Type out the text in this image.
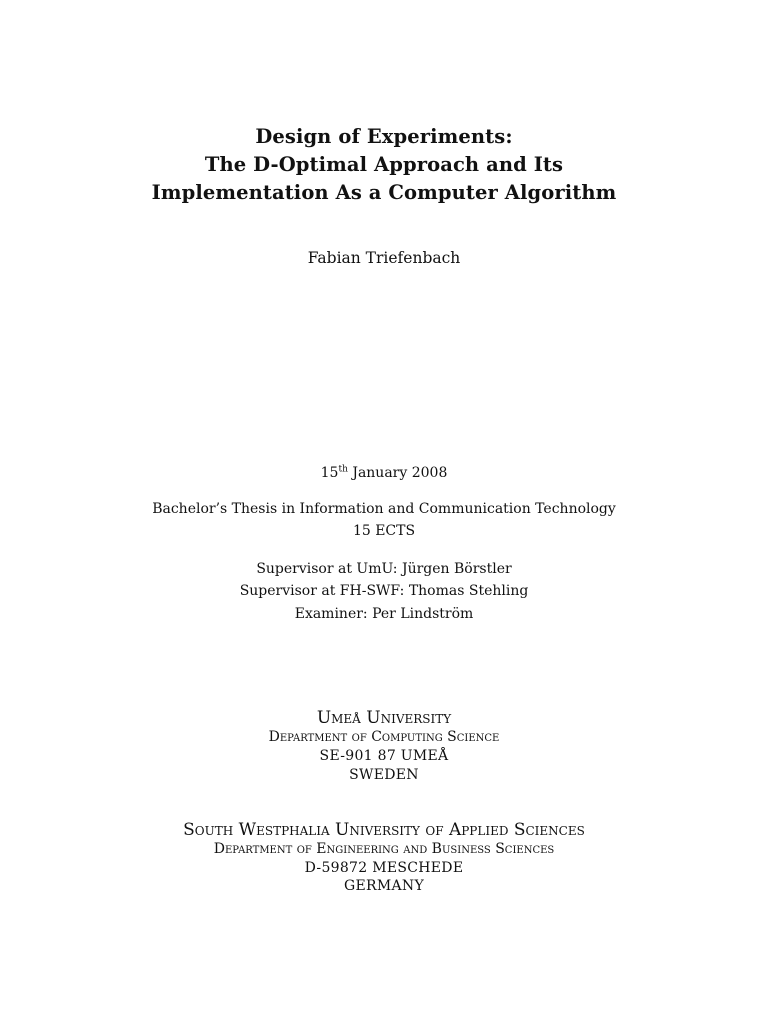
Design of Experiments:
The D-Optimal Approach and Its
Implementation As a Computer Algorithm
Fabian Triefenbach
15th January 2008
Bachelor’s Thesis in Information and Communication Technology
15 ECTS
Supervisor at UmU: Jürgen Börstler
Supervisor at FH-SWF: Thomas Stehling
Examiner: Per Lindström
Umeå University
Department of Computing Science
SE-901 87 UMEÅ
SWEDEN
South Westphalia University of Applied Sciences
Department of Engineering and Business Sciences
D-59872 MESCHEDE
GERMANY
